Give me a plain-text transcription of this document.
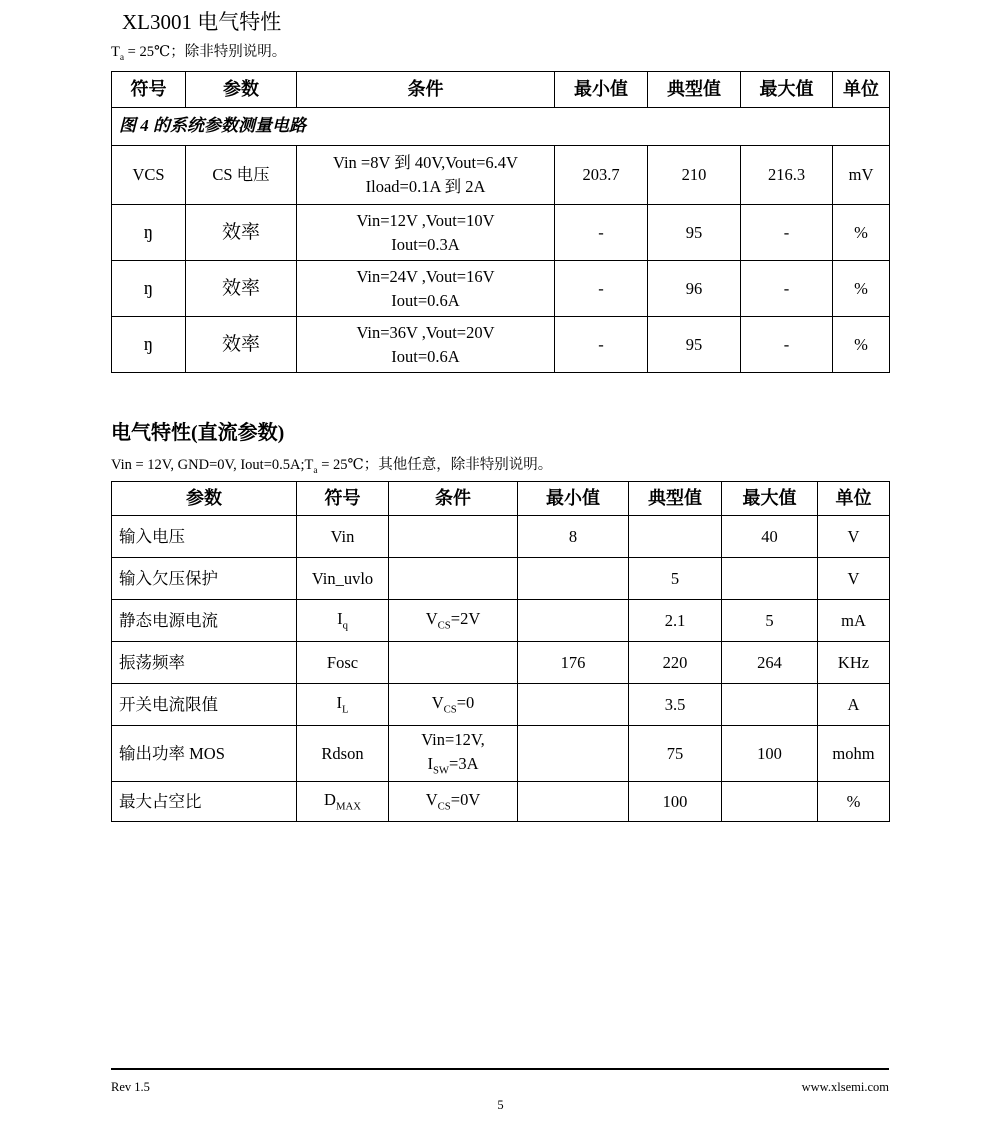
XL3001 电气特性
$T_a$ = 25℃；除非特别说明。
符号	参数	条件	最小值	典型值	最大值	单位
图 4 的系统参数测量电路						
VCS	CS 电压	Vin =8V 到 40V,Vout=6.4V
Iload=0.1A 到 2A	203.7	210	216.3	mV
ŋ	效率	Vin=12V ,Vout=10V
Iout=0.3A	-	95	-	%
ŋ	效率	Vin=24V ,Vout=16V
Iout=0.6A	-	96	-	%
ŋ	效率	Vin=36V ,Vout=20V
Iout=0.6A	-	95	-	%
电气特性(直流参数)
Vin = 12V, GND=0V, $Iout=0.5A;T_a$ = 25℃；其他任意，除非特别说明。
参数	符号	条件	最小值	典型值	最大值	单位
输入电压	Vin		8		40	V
输入欠压保护	Vin_uvlo			5		V
静态电源电流	$I_q$	$V_{CS}=2V$		2.1	5	mA
振荡频率	Fosc		176	220	264	KHz
开关电流限值	$I_L$	$V_{CS}=0$		3.5		A
输出功率 MOS	Rdson	Vin=12V,
$I_{SW}=3A$		75	100	mohm
最大占空比	$D_{MAX}$	$V_{CS}=0V$		100		%
Rev 1.5	www.xlsemi.com
5
